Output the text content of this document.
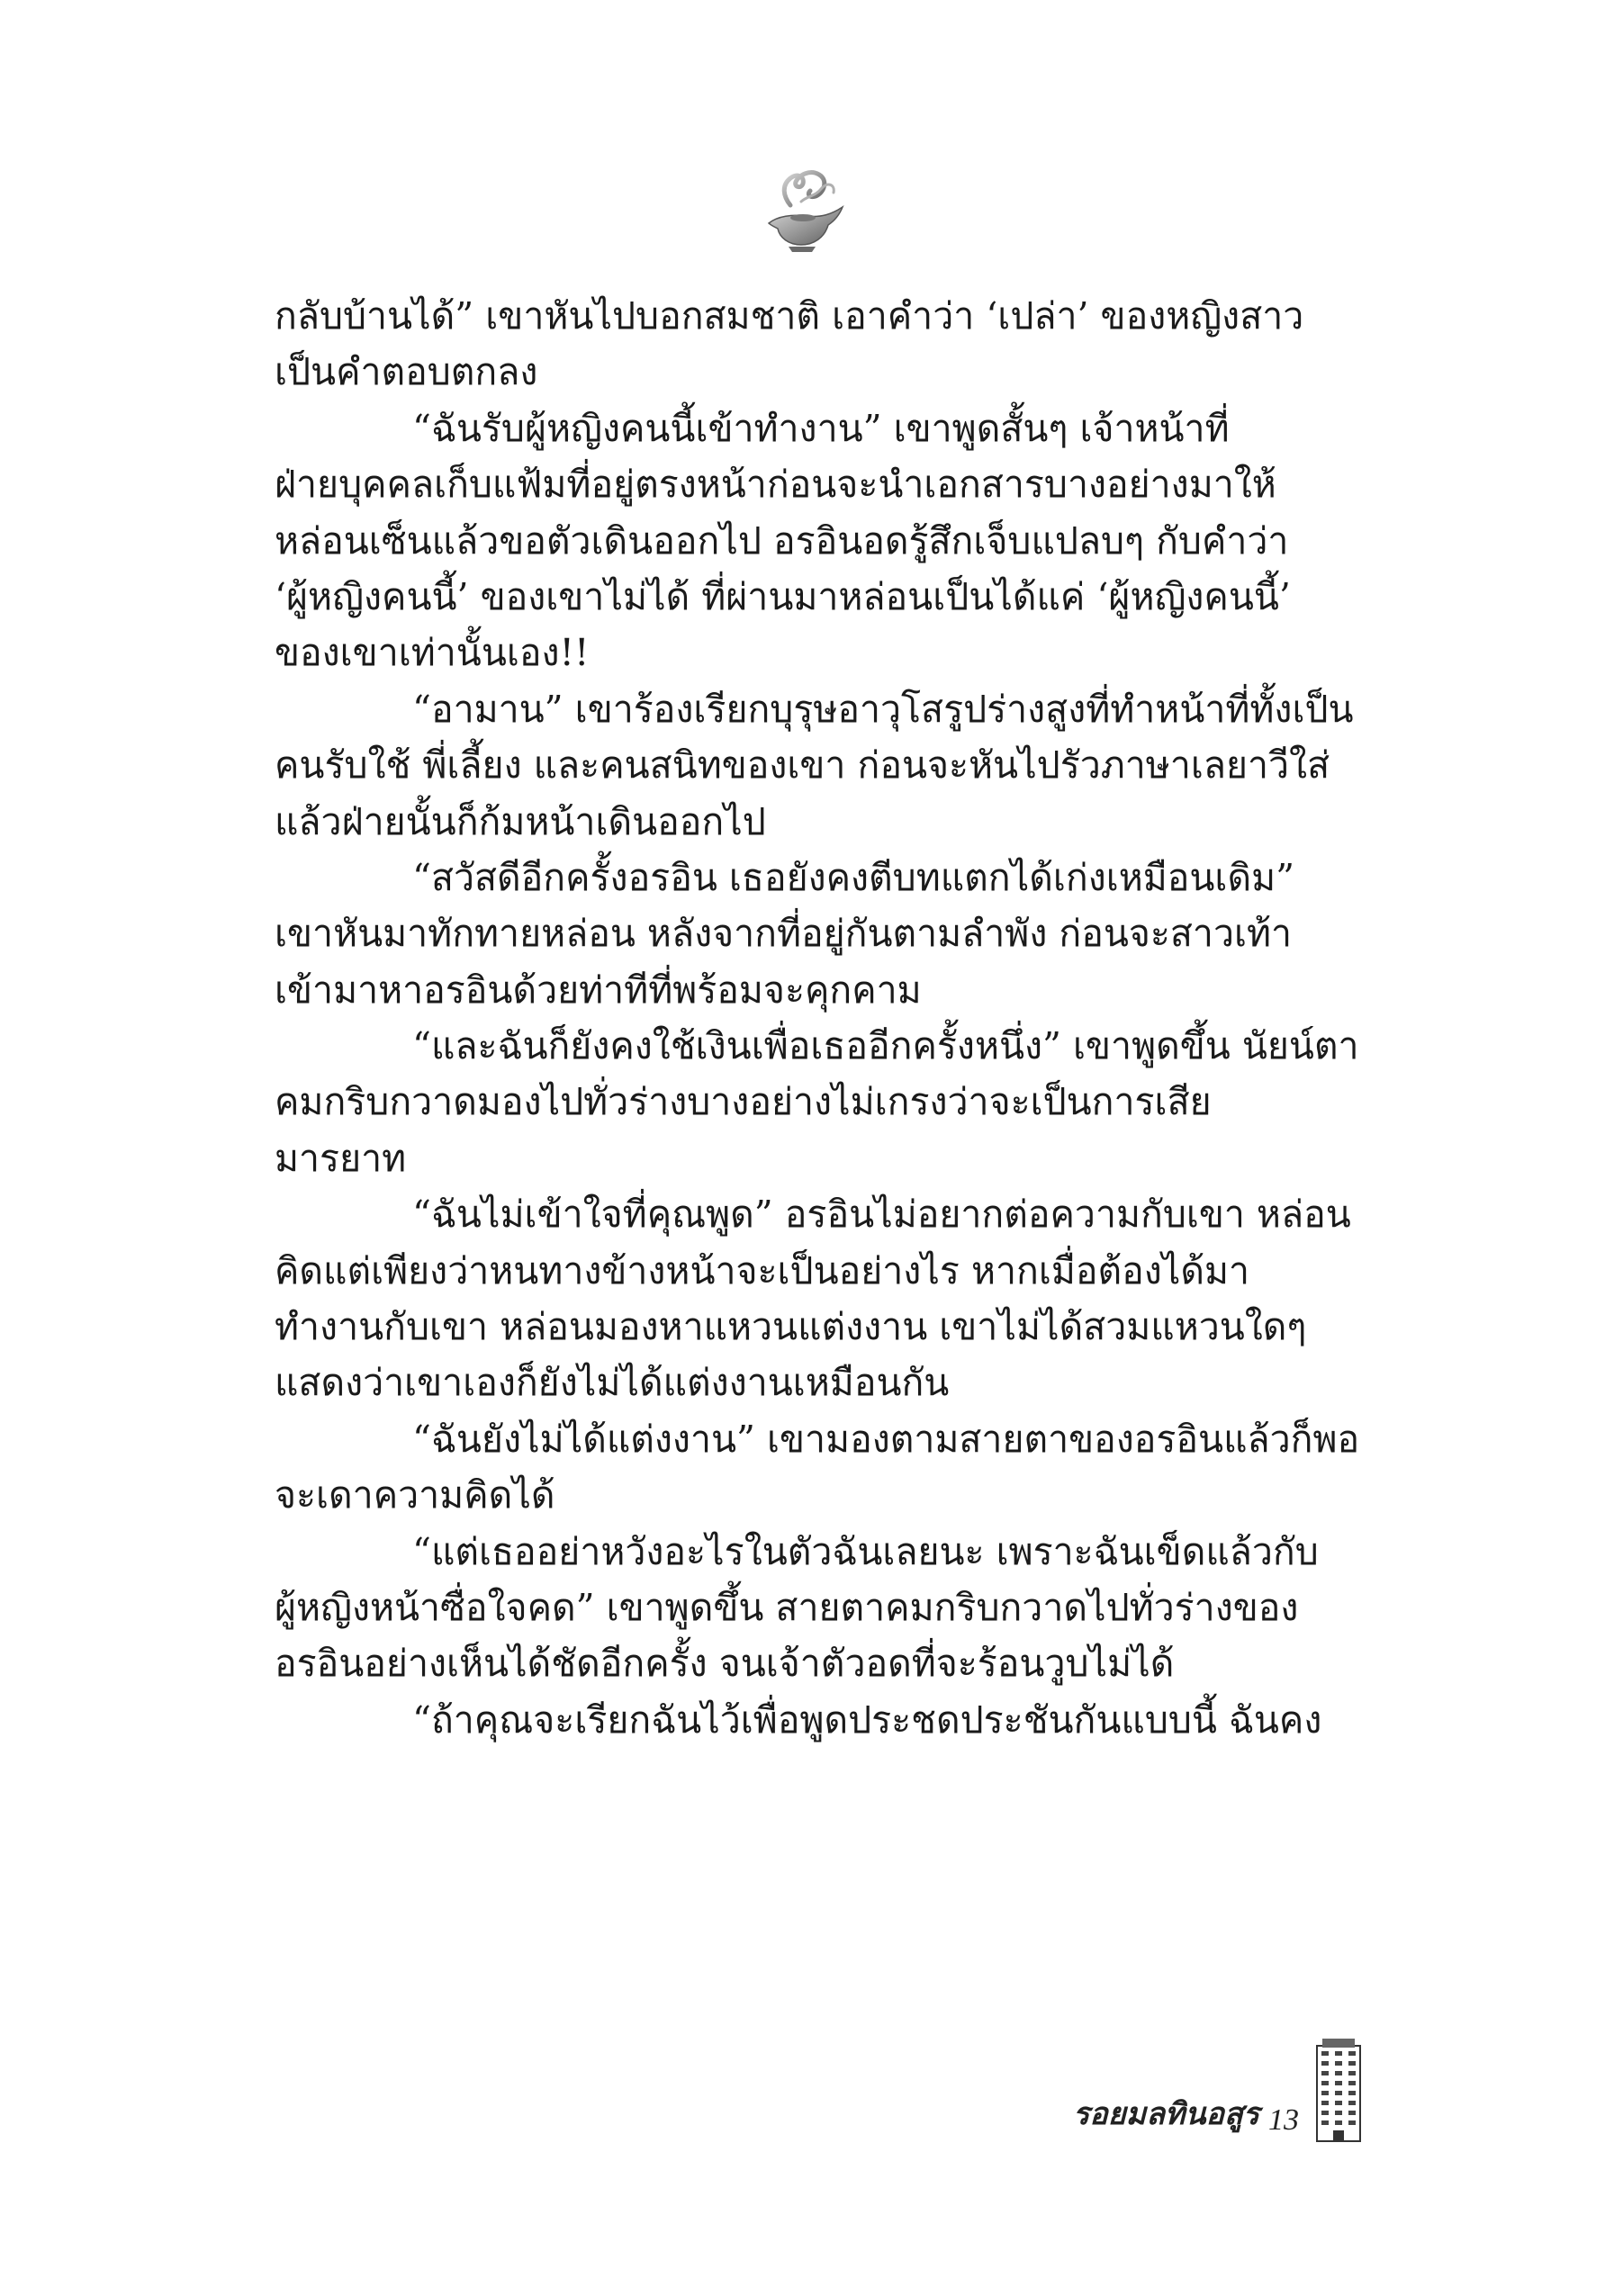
กลับบ้านได้” เขาหันไปบอกสมชาติ เอาคำว่า ‘เปล่า’ ของหญิงสาว
เป็นคำตอบตกลง
“ฉันรับผู้หญิงคนนี้เข้าทำงาน” เขาพูดสั้นๆ เจ้าหน้าที่
ฝ่ายบุคคลเก็บแฟ้มที่อยู่ตรงหน้าก่อนจะนำเอกสารบางอย่างมาให้
หล่อนเซ็นแล้วขอตัวเดินออกไป อรอินอดรู้สึกเจ็บแปลบๆ กับคำว่า
‘ผู้หญิงคนนี้’ ของเขาไม่ได้ ที่ผ่านมาหล่อนเป็นได้แค่ ‘ผู้หญิงคนนี้’
ของเขาเท่านั้นเอง!!
“อามาน” เขาร้องเรียกบุรุษอาวุโสรูปร่างสูงที่ทำหน้าที่ทั้งเป็น
คนรับใช้ พี่เลี้ยง และคนสนิทของเขา ก่อนจะหันไปรัวภาษาเลยาวีใส่
แล้วฝ่ายนั้นก็ก้มหน้าเดินออกไป
“สวัสดีอีกครั้งอรอิน เธอยังคงตีบทแตกได้เก่งเหมือนเดิม”
เขาหันมาทักทายหล่อน หลังจากที่อยู่กันตามลำพัง ก่อนจะสาวเท้า
เข้ามาหาอรอินด้วยท่าทีที่พร้อมจะคุกคาม
“และฉันก็ยังคงใช้เงินเพื่อเธออีกครั้งหนึ่ง” เขาพูดขึ้น นัยน์ตา
คมกริบกวาดมองไปทั่วร่างบางอย่างไม่เกรงว่าจะเป็นการเสีย
มารยาท
“ฉันไม่เข้าใจที่คุณพูด” อรอินไม่อยากต่อความกับเขา หล่อน
คิดแต่เพียงว่าหนทางข้างหน้าจะเป็นอย่างไร หากเมื่อต้องได้มา
ทำงานกับเขา หล่อนมองหาแหวนแต่งงาน เขาไม่ได้สวมแหวนใดๆ
แสดงว่าเขาเองก็ยังไม่ได้แต่งงานเหมือนกัน
“ฉันยังไม่ได้แต่งงาน” เขามองตามสายตาของอรอินแล้วก็พอ
จะเดาความคิดได้
“แต่เธออย่าหวังอะไรในตัวฉันเลยนะ เพราะฉันเข็ดแล้วกับ
ผู้หญิงหน้าซื่อใจคด” เขาพูดขึ้น สายตาคมกริบกวาดไปทั่วร่างของ
อรอินอย่างเห็นได้ชัดอีกครั้ง จนเจ้าตัวอดที่จะร้อนวูบไม่ได้
“ถ้าคุณจะเรียกฉันไว้เพื่อพูดประชดประชันกันแบบนี้ ฉันคง
รอยมลทินอสูร 13
